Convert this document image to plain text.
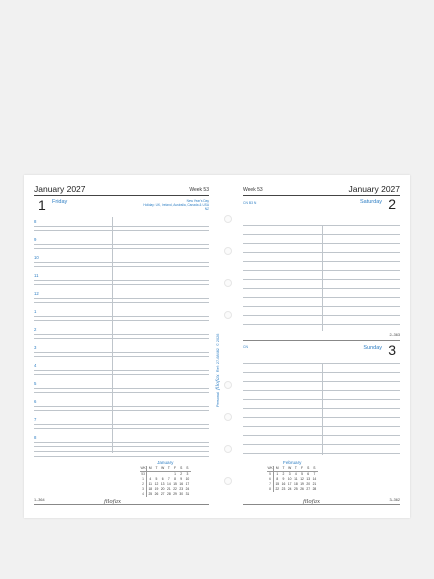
January 2027	Week 53
1 Friday	New Year's Day
Holiday: UK, Ireland, Australia, Canada & USA
NZ
8
9
10
11
12
1
2
3
4
5
6
7
8
January
WK	M	T	W	T	F	S	S
53					1	2	3
1	4	5	6	7	8	9	10
2	11	12	13	14	15	16	17
3	18	19	20	21	22	23	24
4	25	26	27	28	29	30	31
1–364	filofax
Personal  filofax  Ref: 27-68482  © 2026
Week 53	January 2027
CN B3 N	Saturday 2
2–363
CN	Sunday 3
February
WK	M	T	W	T	F	S	S
5	1	2	3	4	5	6	7
6	8	9	10	11	12	13	14
7	15	16	17	18	19	20	21
8	22	23	24	25	26	27	28
filofax	3–362
